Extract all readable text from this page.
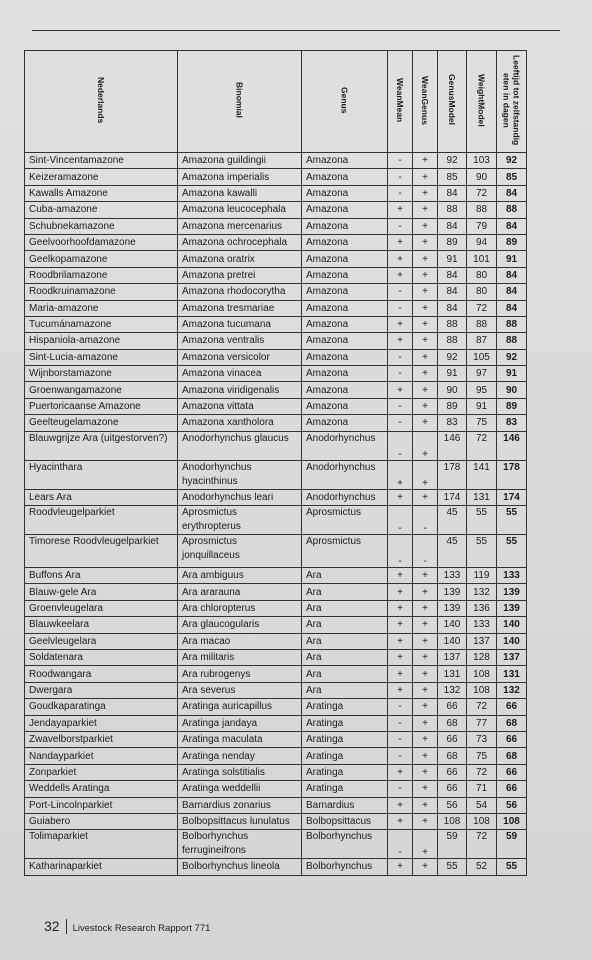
Nederlands	Binomial	Genus	WeanMean	WeanGenus	GenusModel	WeightModel	Leeftijd tot zelfstandig eten in dagen
Sint-Vincentamazone	Amazona guildingii	Amazona	-	+	92	103	92
Keizeramazone	Amazona imperialis	Amazona	-	+	85	90	85
Kawalls Amazone	Amazona kawalli	Amazona	-	+	84	72	84
Cuba-amazone	Amazona leucocephala	Amazona	+	+	88	88	88
Schubnekamazone	Amazona mercenarius	Amazona	-	+	84	79	84
Geelvoorhoofdamazone	Amazona ochrocephala	Amazona	+	+	89	94	89
Geelkopamazone	Amazona oratrix	Amazona	+	+	91	101	91
Roodbrilamazone	Amazona pretrei	Amazona	+	+	84	80	84
Roodkruinamazone	Amazona rhodocorytha	Amazona	-	+	84	80	84
Maria-amazone	Amazona tresmariae	Amazona	-	+	84	72	84
Tucumánamazone	Amazona tucumana	Amazona	+	+	88	88	88
Hispaniola-amazone	Amazona ventralis	Amazona	+	+	88	87	88
Sint-Lucia-amazone	Amazona versicolor	Amazona	-	+	92	105	92
Wijnborstamazone	Amazona vinacea	Amazona	-	+	91	97	91
Groenwangamazone	Amazona viridigenalis	Amazona	+	+	90	95	90
Puertoricaanse Amazone	Amazona vittata	Amazona	-	+	89	91	89
Geelteugelamazone	Amazona xantholora	Amazona	-	+	83	75	83
Blauwgrijze Ara (uitgestorven?)	Anodorhynchus glaucus	Anodorhynchus	-	+	146	72	146
Hyacinthara	Anodorhynchus hyacinthinus	Anodorhynchus	+	+	178	141	178
Lears Ara	Anodorhynchus leari	Anodorhynchus	+	+	174	131	174
Roodvleugelparkiet	Aprosmictus erythropterus	Aprosmictus	-	-	45	55	55
Timorese Roodvleugelparkiet	Aprosmictus jonquillaceus	Aprosmictus	-	-	45	55	55
Buffons Ara	Ara ambiguus	Ara	+	+	133	119	133
Blauw-gele Ara	Ara ararauna	Ara	+	+	139	132	139
Groenvleugelara	Ara chloropterus	Ara	+	+	139	136	139
Blauwkeelara	Ara glaucogularis	Ara	+	+	140	133	140
Geelvleugelara	Ara macao	Ara	+	+	140	137	140
Soldatenara	Ara militaris	Ara	+	+	137	128	137
Roodwangara	Ara rubrogenys	Ara	+	+	131	108	131
Dwergara	Ara severus	Ara	+	+	132	108	132
Goudkaparatinga	Aratinga auricapillus	Aratinga	-	+	66	72	66
Jendayaparkiet	Aratinga jandaya	Aratinga	-	+	68	77	68
Zwavelborstparkiet	Aratinga maculata	Aratinga	-	+	66	73	66
Nandayparkiet	Aratinga nenday	Aratinga	-	+	68	75	68
Zonparkiet	Aratinga solstitialis	Aratinga	+	+	66	72	66
Weddells Aratinga	Aratinga weddellii	Aratinga	-	+	66	71	66
Port-Lincolnparkiet	Barnardius zonarius	Barnardius	+	+	56	54	56
Guiabero	Bolbopsittacus lunulatus	Bolbopsittacus	+	+	108	108	108
Tolimaparkiet	Bolborhynchus ferrugineifrons	Bolborhynchus	-	+	59	72	59
Katharinaparkiet	Bolborhynchus lineola	Bolborhynchus	+	+	55	52	55
32 Livestock Research Rapport 771
